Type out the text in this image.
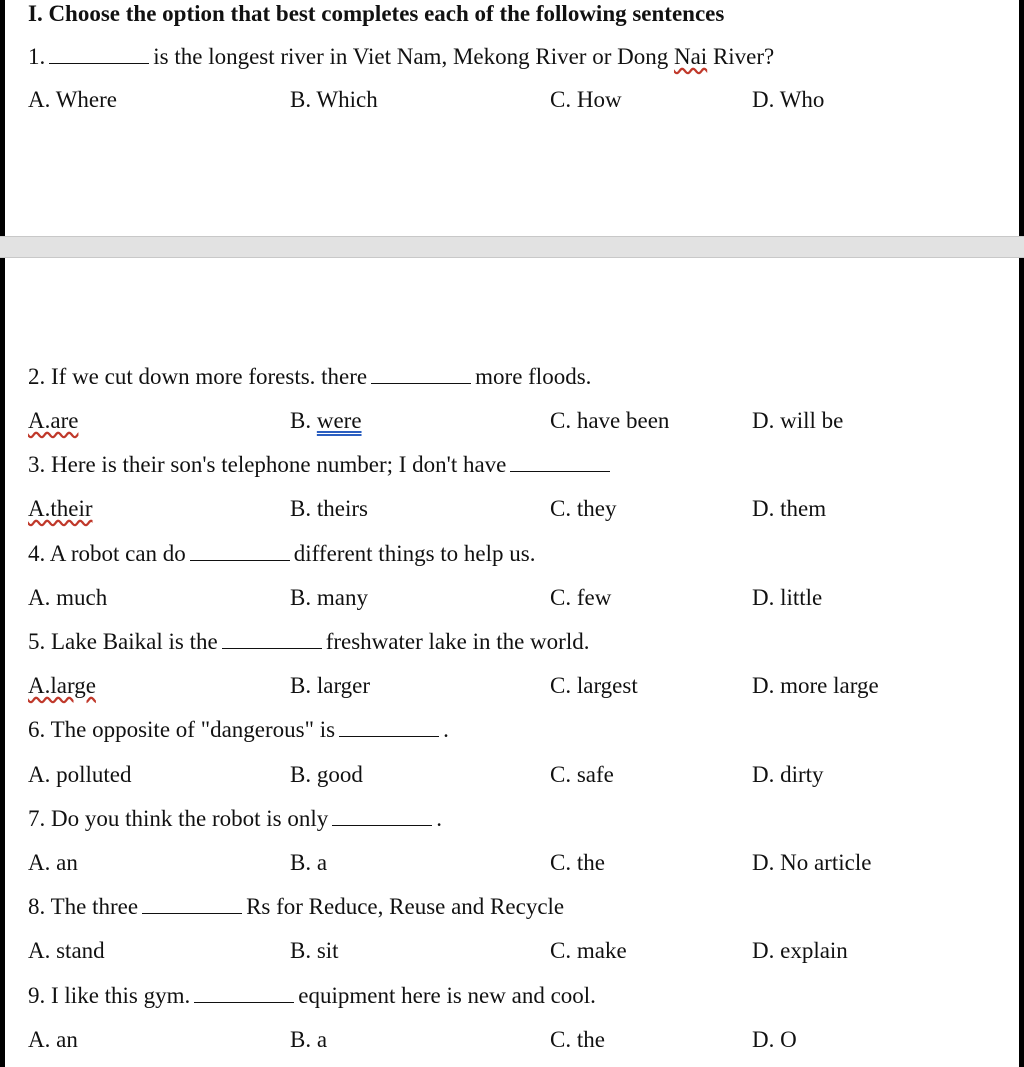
I. Choose the option that best completes each of the following sentences
1.	is the longest river in Viet Nam, Mekong River or Dong Nai River?
A. Where	B. Which	C. How	D. Who
2. If we cut down more forests. there	more floods.
A.are	B. were	C. have been	D. will be
3. Here is their son's telephone number; I don't have
A.their	B. theirs	C. they	D. them
4. A robot can do	different things to help us.
A. much	B. many	C. few	D. little
5. Lake Baikal is the	freshwater lake in the world.
A.large	B. larger	C. largest	D. more large
6. The opposite of "dangerous" is	.
A. polluted	B. good	C. safe	D. dirty
7. Do you think the robot is only	.
A. an	B. a	C. the	D. No article
8. The three	Rs for Reduce, Reuse and Recycle
A. stand	B. sit	C. make	D. explain
9. I like this gym.	equipment here is new and cool.
A. an	B. a	C. the	D. O
